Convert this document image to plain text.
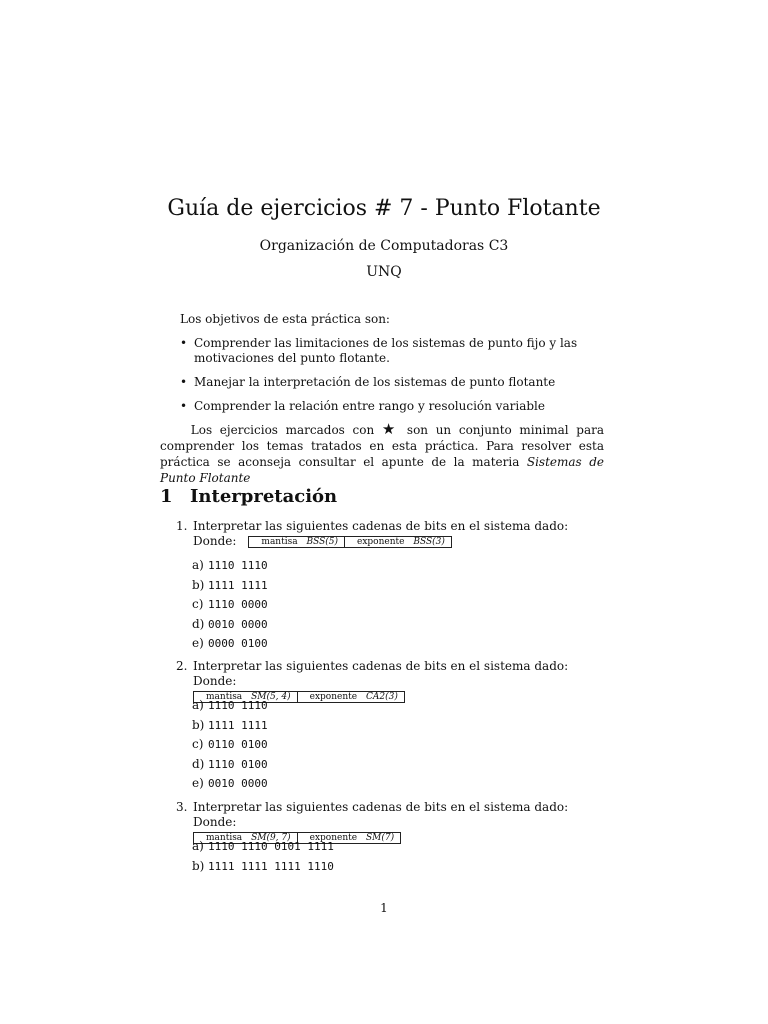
Guía de ejercicios # 7 - Punto Flotante
Organización de Computadoras C3
UNQ
Los objetivos de esta práctica son:
• Comprender las limitaciones de los sistemas de punto fijo y las motivaciones del punto flotante.
• Manejar la interpretación de los sistemas de punto flotante
• Comprender la relación entre rango y resolución variable
Los ejercicios marcados con ★ son un conjunto minimal para comprender los temas tratados en esta práctica. Para resolver esta práctica se aconseja consultar el apunte de la materia Sistemas de Punto Flotante
1 Interpretación
1. Interpretar las siguientes cadenas de bits en el sistema dado:
Donde:	mantisa BSS(5)	exponente BSS(3)
a) 1110 1110
b) 1111 1111
c) 1110 0000
d) 0010 0000
e) 0000 0100
2. Interpretar las siguientes cadenas de bits en el sistema dado: Donde:
mantisa SM(5, 4)	exponente CA2(3)
a) 1110 1110
b) 1111 1111
c) 0110 0100
d) 1110 0100
e) 0010 0000
3. Interpretar las siguientes cadenas de bits en el sistema dado: Donde:
mantisa SM(9, 7)	exponente SM(7)
a) 1110 1110 0101 1111
b) 1111 1111 1111 1110
1
